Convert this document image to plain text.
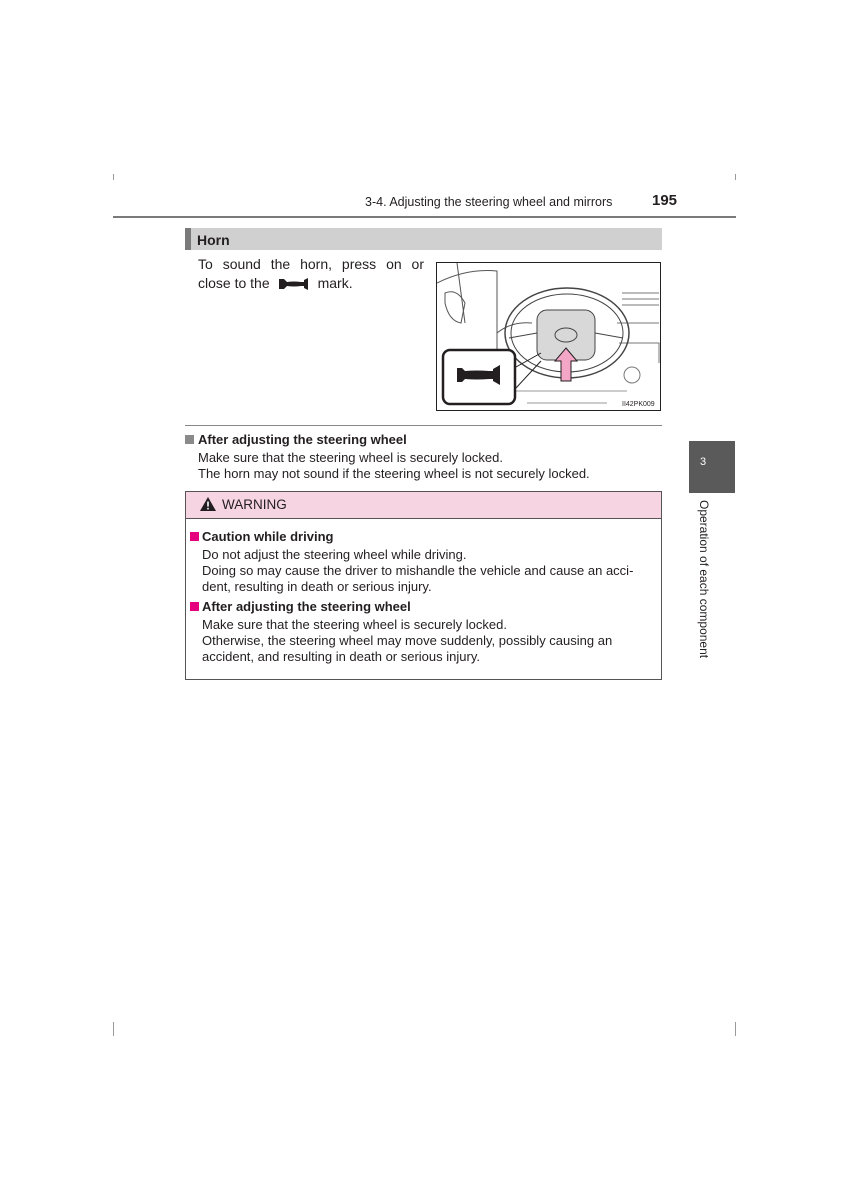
3-4. Adjusting the steering wheel and mirrors	195
Horn
To sound the horn, press on or close to the	mark.
II42PK009
After adjusting the steering wheel
Make sure that the steering wheel is securely locked.
The horn may not sound if the steering wheel is not securely locked.
WARNING
Caution while driving
Do not adjust the steering wheel while driving.
Doing so may cause the driver to mishandle the vehicle and cause an acci-
dent, resulting in death or serious injury.
After adjusting the steering wheel
Make sure that the steering wheel is securely locked.
Otherwise, the steering wheel may move suddenly, possibly causing an
accident, and resulting in death or serious injury.
3
Operation of each component
